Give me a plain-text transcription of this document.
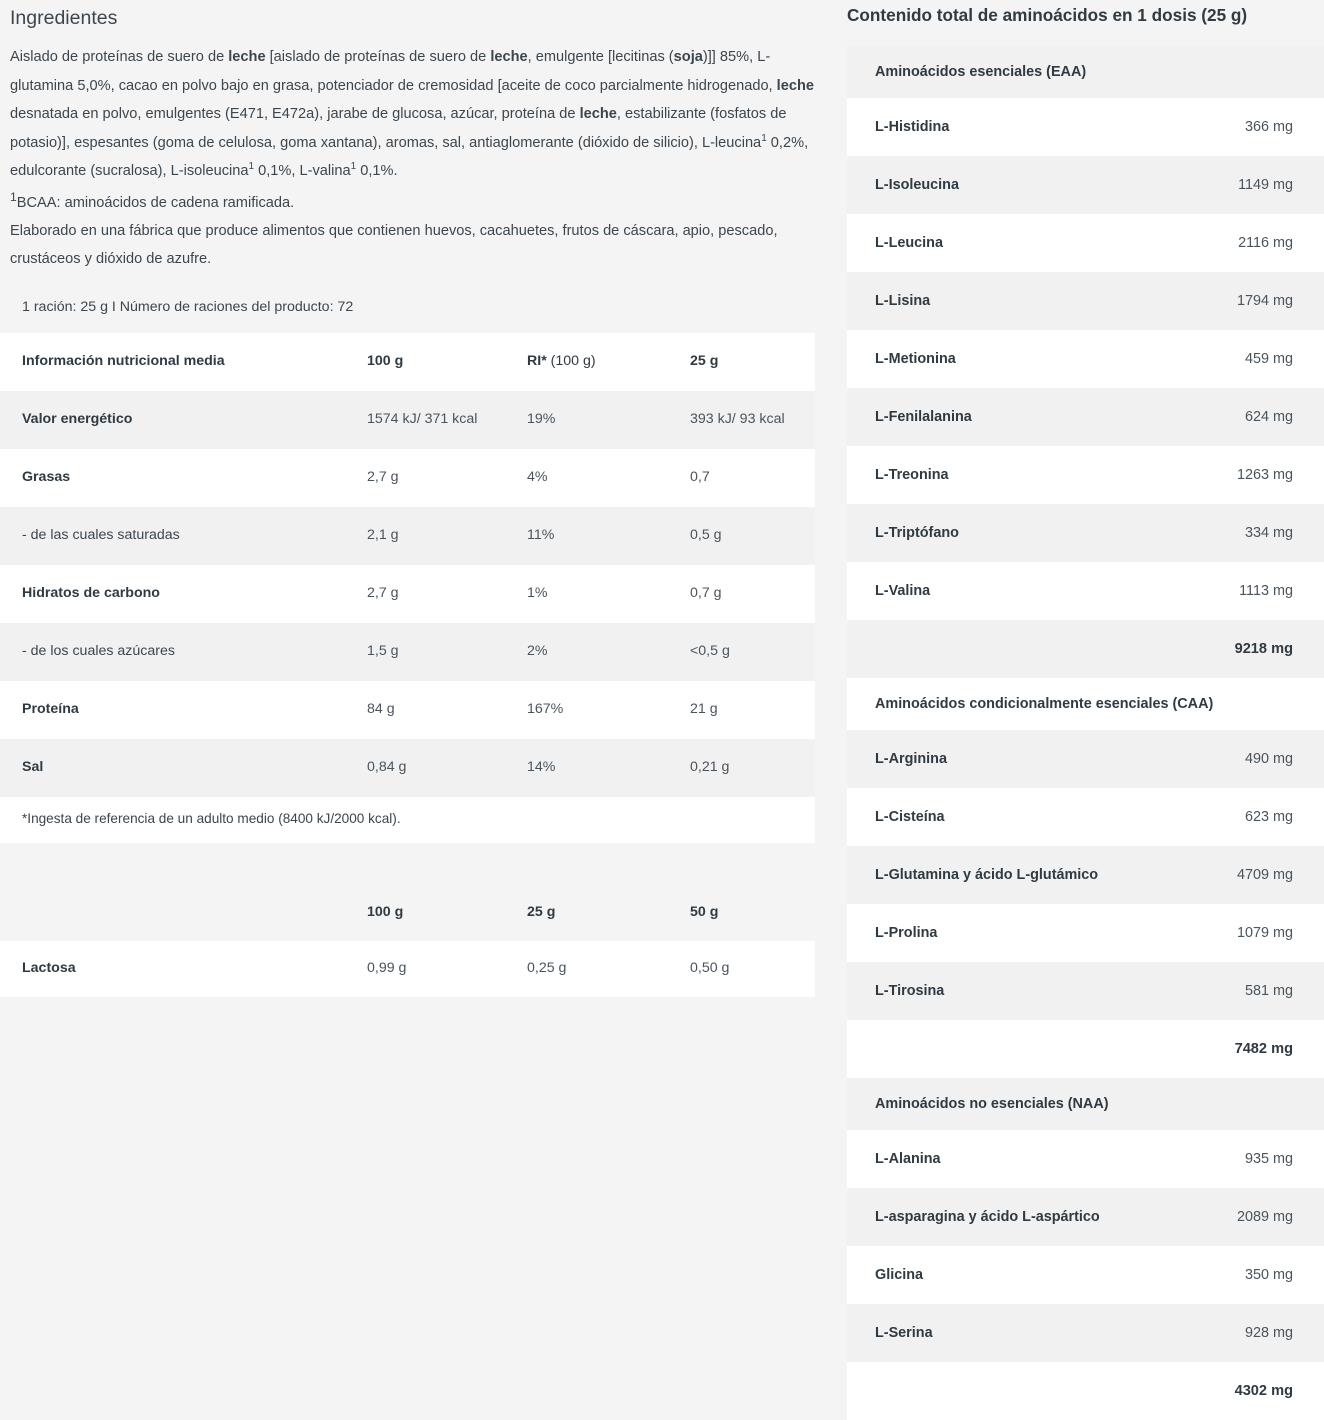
Ingredientes

Aislado de proteínas de suero de leche [aislado de proteínas de suero de leche, emulgente [lecitinas (soja)]] 85%, L-glutamina 5,0%, cacao en polvo bajo en grasa, potenciador de cremosidad [aceite de coco parcialmente hidrogenado, leche desnatada en polvo, emulgentes (E471, E472a), jarabe de glucosa, azúcar, proteína de leche, estabilizante (fosfatos de potasio)], espesantes (goma de celulosa, goma xantana), aromas, sal, antiaglomerante (dióxido de silicio), L-leucina$^1$ 0,2%, edulcorante (sucralosa), L-isoleucina$^1$ 0,1%, L-valina$^1$ 0,1%.

$^1$BCAA: aminoácidos de cadena ramificada.

Elaborado en una fábrica que produce alimentos que contienen huevos, cacahuetes, frutos de cáscara, apio, pescado, crustáceos y dióxido de azufre.

1 ración: 25 g I Número de raciones del producto: 72
Información nutricional media	100 g	RI* (100 g)	25 g
Valor energético	1574 kJ/ 371 kcal	19%	393 kJ/ 93 kcal
Grasas	2,7 g	4%	0,7
- de las cuales saturadas	2,1 g	11%	0,5 g
Hidratos de carbono	2,7 g	1%	0,7 g
- de los cuales azúcares	1,5 g	2%	<0,5 g
Proteína	84 g	167%	21 g
Sal	0,84 g	14%	0,21 g
*Ingesta de referencia de un adulto medio (8400 kJ/2000 kcal).			
	100 g	25 g	50 g
Lactosa	0,99 g	0,25 g	0,50 g
Contenido total de aminoácidos en 1 dosis (25 g)
Aminoácidos esenciales (EAA)
L-Histidina	366 mg
L-Isoleucina	1149 mg
L-Leucina	2116 mg
L-Lisina	1794 mg
L-Metionina	459 mg
L-Fenilalanina	624 mg
L-Treonina	1263 mg
L-Triptófano	334 mg
L-Valina	1113 mg
9218 mg
Aminoácidos condicionalmente esenciales (CAA)
L-Arginina	490 mg
L-Cisteína	623 mg
L-Glutamina y ácido L-glutámico	4709 mg
L-Prolina	1079 mg
L-Tirosina	581 mg
7482 mg
Aminoácidos no esenciales (NAA)
L-Alanina	935 mg
L-asparagina y ácido L-aspártico	2089 mg
Glicina	350 mg
L-Serina	928 mg
4302 mg
